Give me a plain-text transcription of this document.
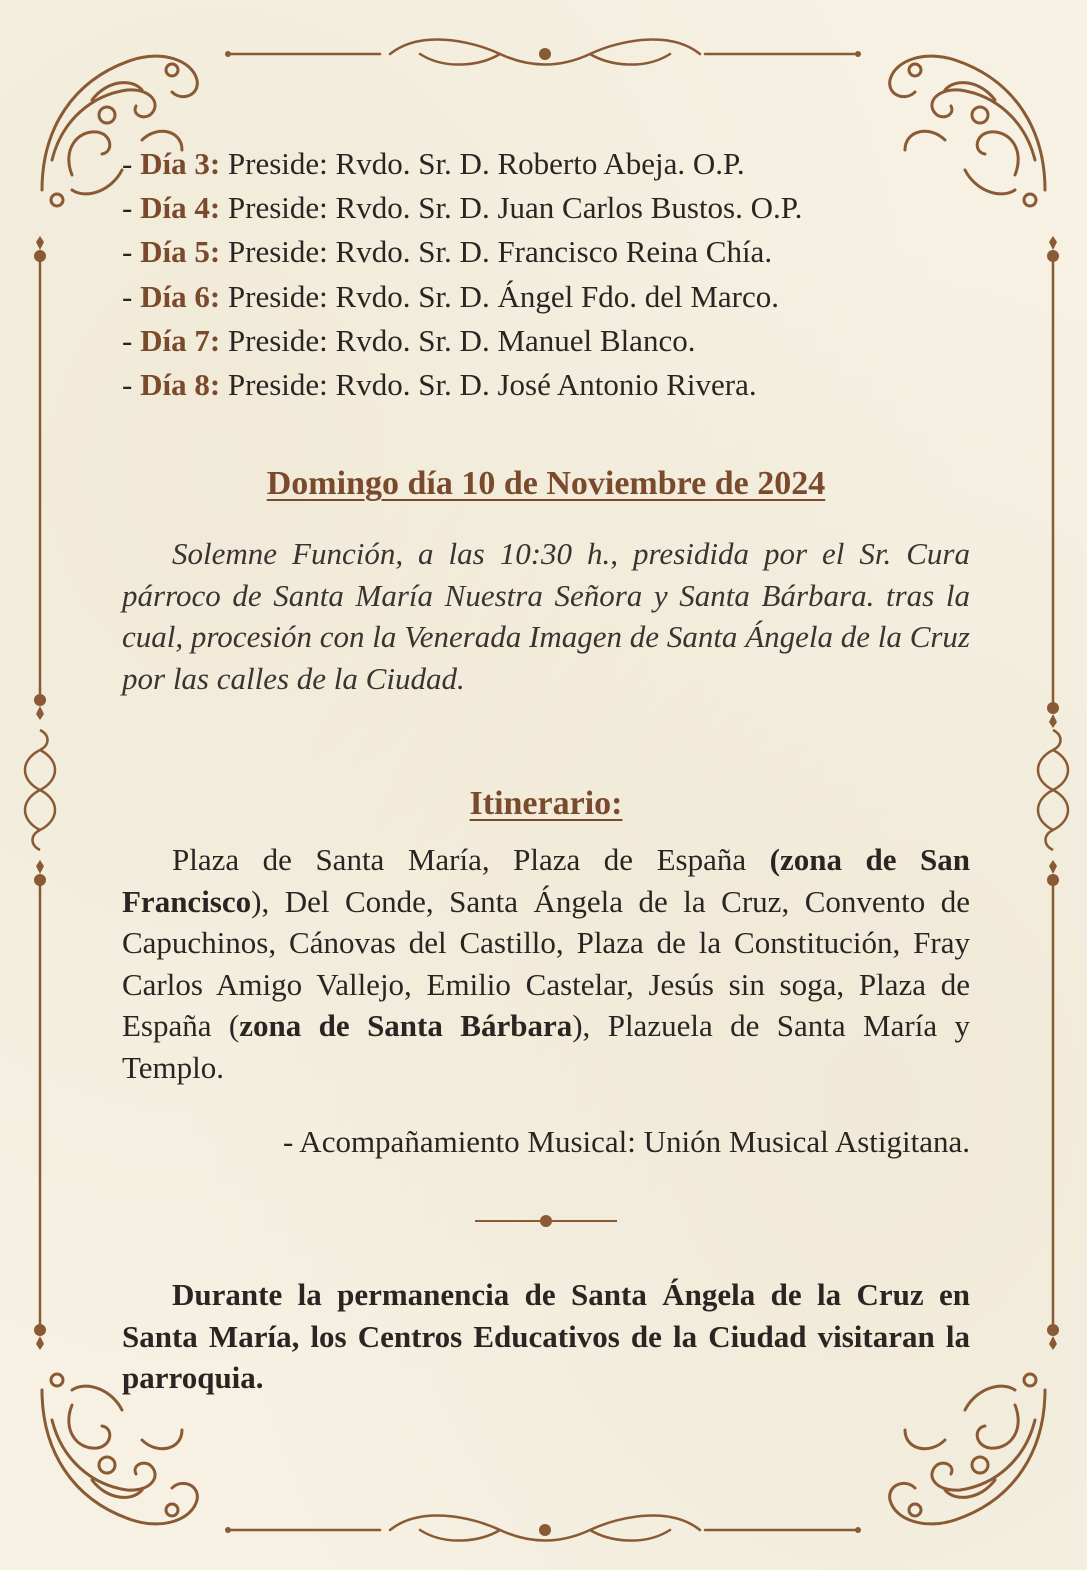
- Día 3: Preside: Rvdo. Sr. D. Roberto Abeja. O.P.
- Día 4: Preside: Rvdo. Sr. D. Juan Carlos Bustos. O.P.
- Día 5: Preside: Rvdo. Sr. D. Francisco Reina Chía.
- Día 6: Preside: Rvdo. Sr. D. Ángel Fdo. del Marco.
- Día 7: Preside: Rvdo. Sr. D. Manuel Blanco.
- Día 8: Preside: Rvdo. Sr. D. José Antonio Rivera.
Domingo día 10 de Noviembre de 2024

Solemne Función, a las 10:30 h., presidida por el Sr. Cura párroco de Santa María Nuestra Señora y Santa Bárbara. tras la cual, procesión con la Venerada Imagen de Santa Ángela de la Cruz por las calles de la Ciudad.

Itinerario:

Plaza de Santa María, Plaza de España (zona de San Francisco), Del Conde, Santa Ángela de la Cruz, Convento de Capuchinos, Cánovas del Castillo, Plaza de la Constitución, Fray Carlos Amigo Vallejo, Emilio Castelar, Jesús sin soga, Plaza de España (zona de Santa Bárbara), Plazuela de Santa María y Templo.

- Acompañamiento Musical: Unión Musical Astigitana.

Durante la permanencia de Santa Ángela de la Cruz en Santa María, los Centros Educativos de la Ciudad visitaran la parroquia.
